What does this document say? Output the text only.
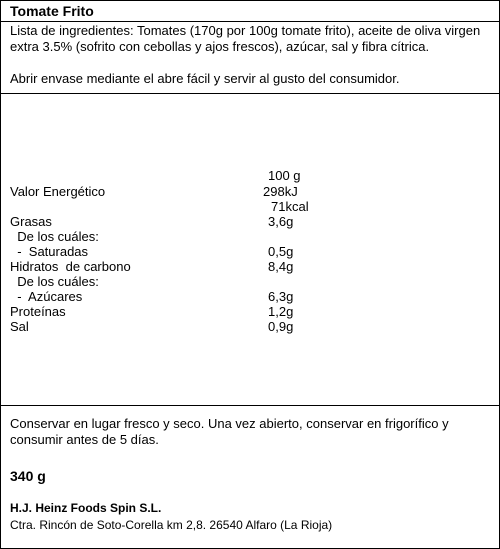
Tomate Frito
Lista de ingredientes: Tomates (170g por 100g tomate frito), aceite de oliva virgen
extra 3.5% (sofrito con cebollas y ajos frescos), azúcar, sal y fibra cítrica.
Abrir envase mediante el abre fácil y servir al gusto del consumidor.
100 g
Valor Energético	298kJ
71kcal
Grasas	3,6g
De los cuáles:
-  Saturadas	0,5g
Hidratos  de carbono	8,4g
De los cuáles:
-  Azúcares	6,3g
Proteínas	1,2g
Sal	0,9g
Conservar en lugar fresco y seco. Una vez abierto, conservar en frigorífico y
consumir antes de 5 días.
340 g
H.J. Heinz Foods Spin S.L.
Ctra. Rincón de Soto-Corella km 2,8. 26540 Alfaro (La Rioja)
